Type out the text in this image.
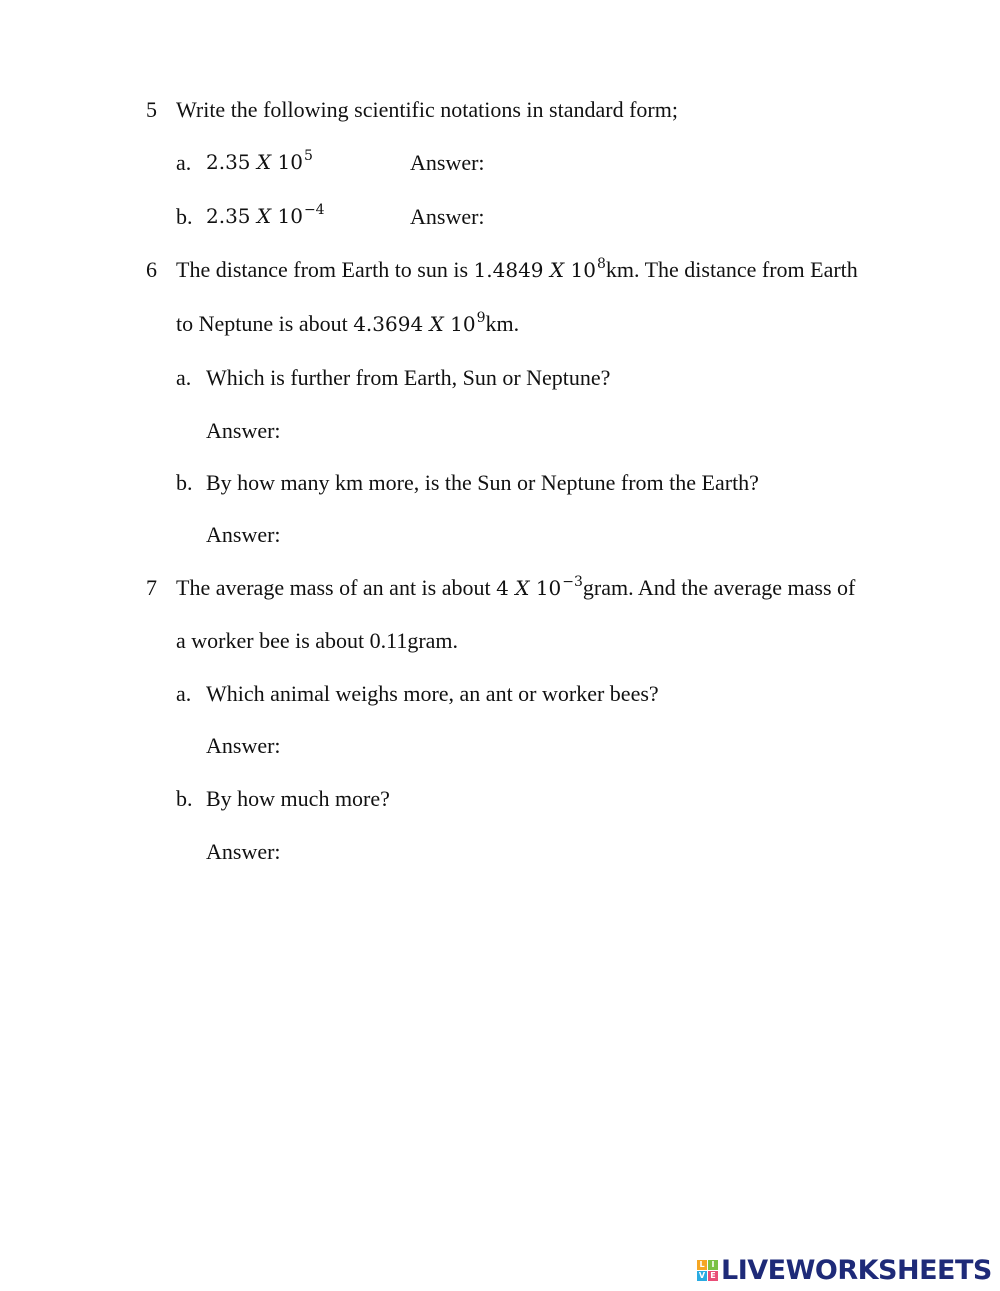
5 Write the following scientific notations in standard form;
a. 2.35 X $10^5$	Answer:
b. 2.35 X $10^{-4}$	Answer:
6 The distance from Earth to sun is 1.4849 X $10^8km$. The distance from Earth
to Neptune is about 4.3694 X $10^9km$.
a. Which is further from Earth, Sun or Neptune?
Answer:
b. By how many km more, is the Sun or Neptune from the Earth?
Answer:
7 The average mass of an ant is about 4 X $10^{-3}gram$. And the average mass of
a worker bee is about 0.11gram.
a. Which animal weighs more, an ant or worker bees?
Answer:
b. By how much more?
Answer:
L I
V E LIVEWORKSHEETS
